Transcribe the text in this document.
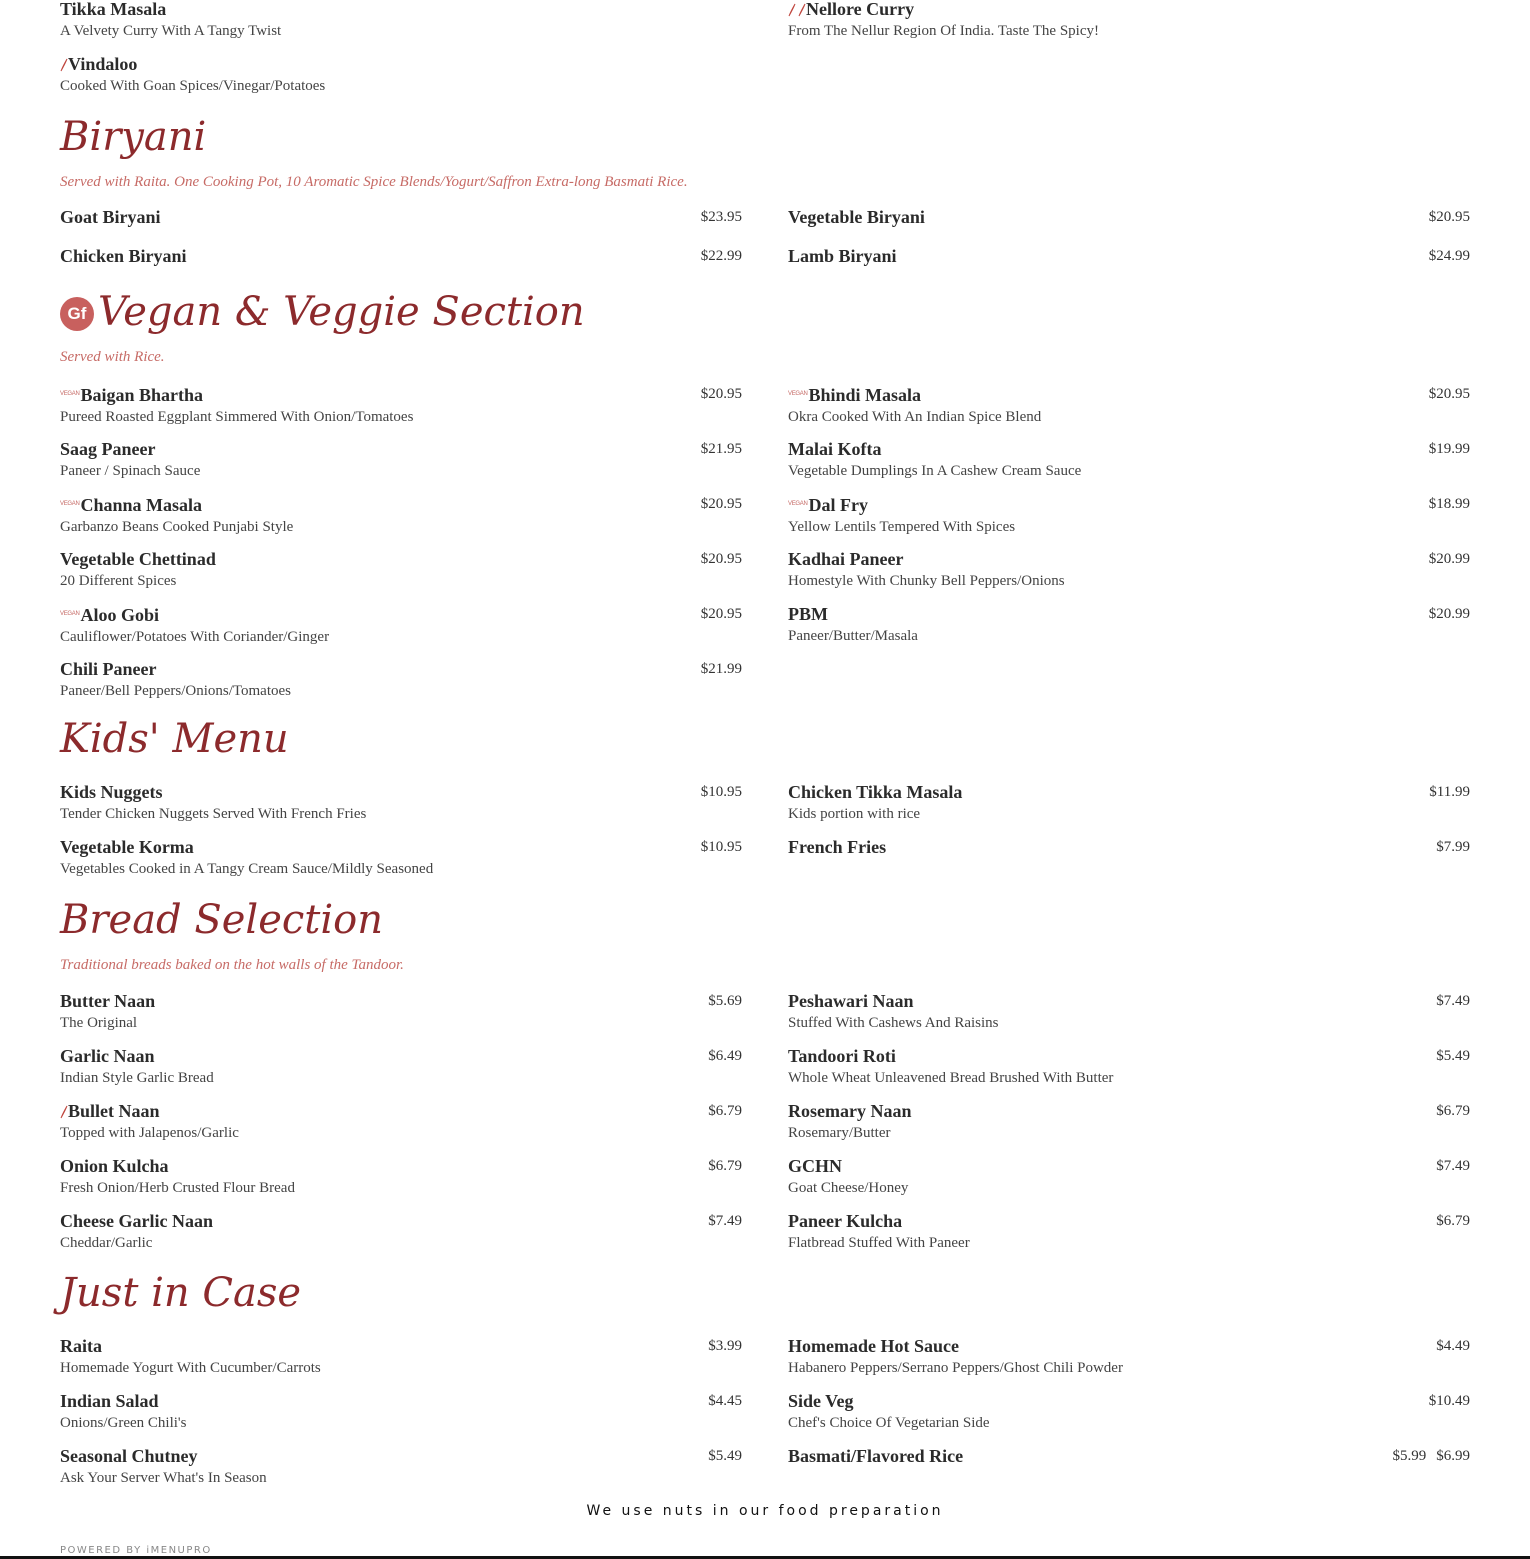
Tikka Masala
A Velvety Curry With A Tangy Twist
Vindaloo
Cooked With Goan Spices/Vinegar/Potatoes
Nellore Curry
From The Nellur Region Of India. Taste The Spicy!
Biryani
Served with Raita. One Cooking Pot, 10 Aromatic Spice Blends/Yogurt/Saffron Extra-long Basmati Rice.
Goat Biryani	$23.95
Chicken Biryani	$22.99
Vegetable Biryani	$20.95
Lamb Biryani	$24.99
Gf Vegan & Veggie Section
Served with Rice.
VEGANBaigan Bhartha
Pureed Roasted Eggplant Simmered With Onion/Tomatoes
$20.95
Saag Paneer
Paneer / Spinach Sauce
$21.95
VEGANChanna Masala
Garbanzo Beans Cooked Punjabi Style
$20.95
Vegetable Chettinad
20 Different Spices
$20.95
VEGANAloo Gobi
Cauliflower/Potatoes With Coriander/Ginger
$20.95
Chili Paneer
Paneer/Bell Peppers/Onions/Tomatoes
$21.99
VEGANBhindi Masala
Okra Cooked With An Indian Spice Blend
$20.95
Malai Kofta
Vegetable Dumplings In A Cashew Cream Sauce
$19.99
VEGANDal Fry
Yellow Lentils Tempered With Spices
$18.99
Kadhai Paneer
Homestyle With Chunky Bell Peppers/Onions
$20.99
PBM
Paneer/Butter/Masala
$20.99
Kids' Menu
Kids Nuggets
Tender Chicken Nuggets Served With French Fries
$10.95
Vegetable Korma
Vegetables Cooked in A Tangy Cream Sauce/Mildly Seasoned
$10.95
Chicken Tikka Masala
Kids portion with rice
$11.99
French Fries	$7.99
Bread Selection
Traditional breads baked on the hot walls of the Tandoor.
Butter Naan
The Original
$5.69
Garlic Naan
Indian Style Garlic Bread
$6.49
Bullet Naan
Topped with Jalapenos/Garlic
$6.79
Onion Kulcha
Fresh Onion/Herb Crusted Flour Bread
$6.79
Cheese Garlic Naan
Cheddar/Garlic
$7.49
Peshawari Naan
Stuffed With Cashews And Raisins
$7.49
Tandoori Roti
Whole Wheat Unleavened Bread Brushed With Butter
$5.49
Rosemary Naan
Rosemary/Butter
$6.79
GCHN
Goat Cheese/Honey
$7.49
Paneer Kulcha
Flatbread Stuffed With Paneer
$6.79
Just in Case
Raita
Homemade Yogurt With Cucumber/Carrots
$3.99
Indian Salad
Onions/Green Chili's
$4.45
Seasonal Chutney
Ask Your Server What's In Season
$5.49
Homemade Hot Sauce
Habanero Peppers/Serrano Peppers/Ghost Chili Powder
$4.49
Side Veg
Chef's Choice Of Vegetarian Side
$10.49
Basmati/Flavored Rice	$5.99 $6.99
We use nuts in our food preparation
POWERED BY iMENUPRO
